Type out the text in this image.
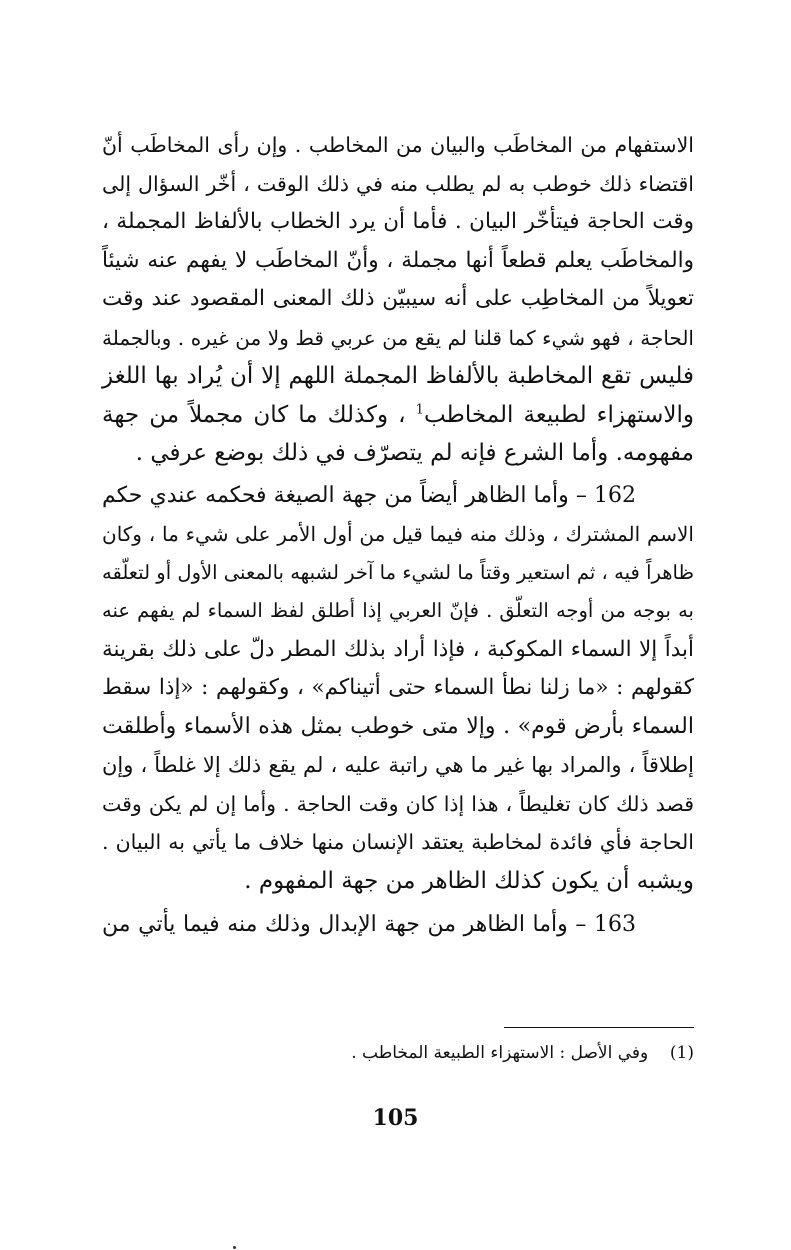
الاستفهام من المخاطَب والبيان من المخاطب . وإن رأى المخاطَب أنّ
اقتضاء ذلك خوطب به لم يطلب منه في ذلك الوقت ، أخّر السؤال إلى
وقت الحاجة فيتأخّر البيان . فأما أن يرد الخطاب بالألفاظ المجملة ،
والمخاطَب يعلم قطعاً أنها مجملة ، وأنّ المخاطَب لا يفهم عنه شيئاً
تعويلاً من المخاطِب على أنه سيبيّن ذلك المعنى المقصود عند وقت
الحاجة ، فهو شيء كما قلنا لم يقع من عربي قط ولا من غيره . وبالجملة
فليس تقع المخاطبة بالألفاظ المجملة اللهم إلا أن يُراد بها اللغز
والاستهزاء لطبيعة المخاطب$^1$ ، وكذلك ما كان مجملاً من جهة
مفهومه. وأما الشرع فإنه لم يتصرّف في ذلك بوضع عرفي .

162 – وأما الظاهر أيضاً من جهة الصيغة فحكمه عندي حكم
الاسم المشترك ، وذلك منه فيما قيل من أول الأمر على شيء ما ، وكان
ظاهراً فيه ، ثم استعير وقتاً ما لشيء ما آخر لشبهه بالمعنى الأول أو لتعلّقه
به بوجه من أوجه التعلّق . فإنّ العربي إذا أطلق لفظ السماء لم يفهم عنه
أبداً إلا السماء المكوكبة ، فإذا أراد بذلك المطر دلّ على ذلك بقرينة
كقولهم : «ما زلنا نطأ السماء حتى أتيناكم» ، وكقولهم : «إذا سقط
السماء بأرض قوم» . وإلا متى خوطب بمثل هذه الأسماء وأطلقت
إطلاقاً ، والمراد بها غير ما هي راتبة عليه ، لم يقع ذلك إلا غلطاً ، وإن
قصد ذلك كان تغليطاً ، هذا إذا كان وقت الحاجة . وأما إن لم يكن وقت
الحاجة فأي فائدة لمخاطبة يعتقد الإنسان منها خلاف ما يأتي به البيان .
ويشبه أن يكون كذلك الظاهر من جهة المفهوم .

163 – وأما الظاهر من جهة الإبدال وذلك منه فيما يأتي من

(1)    وفي الأصل : الاستهزاء الطبيعة المخاطب .
105
